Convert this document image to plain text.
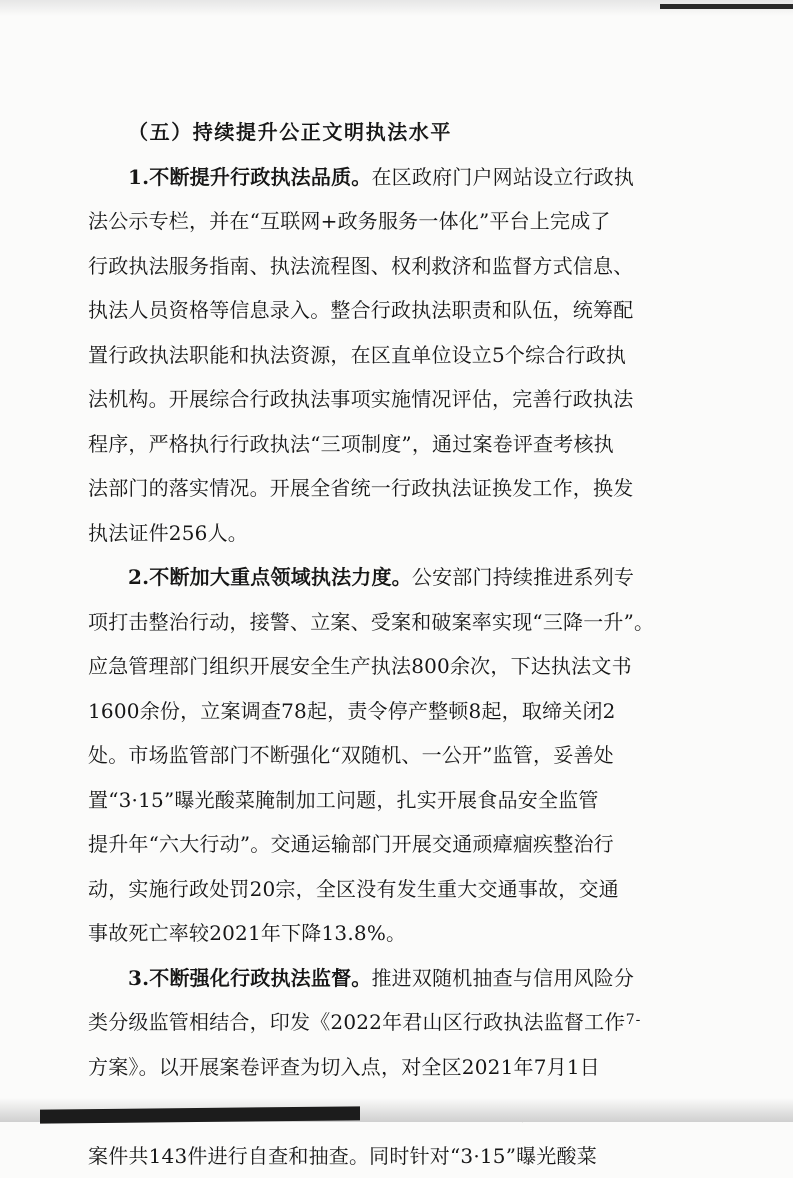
（五）持续提升公正文明执法水平
1.不断提升行政执法品质。在区政府门户网站设立行政执
法公示专栏，并在“互联网+政务服务一体化”平台上完成了
行政执法服务指南、执法流程图、权利救济和监督方式信息、
执法人员资格等信息录入。整合行政执法职责和队伍，统筹配
置行政执法职能和执法资源，在区直单位设立5个综合行政执
法机构。开展综合行政执法事项实施情况评估，完善行政执法
程序，严格执行行政执法“三项制度”，通过案卷评查考核执
法部门的落实情况。开展全省统一行政执法证换发工作，换发
执法证件256人。
2.不断加大重点领域执法力度。公安部门持续推进系列专
项打击整治行动，接警、立案、受案和破案率实现“三降一升”。
应急管理部门组织开展安全生产执法800余次，下达执法文书
1600余份，立案调查78起，责令停产整顿8起，取缔关闭2
处。市场监管部门不断强化“双随机、一公开”监管，妥善处
置“3·15”曝光酸菜腌制加工问题，扎实开展食品安全监管
提升年“六大行动”。交通运输部门开展交通顽瘴痼疾整治行
动，实施行政处罚20宗，全区没有发生重大交通事故，交通
事故死亡率较2021年下降13.8%。
3.不断强化行政执法监督。推进双随机抽查与信用风险分
类分级监管相结合，印发《2022年君山区行政执法监督工作
方案》。以开展案卷评查为切入点，对全区2021年7月1日
案件共143件进行自查和抽查。同时针对“3·15”曝光酸菜
-7-
